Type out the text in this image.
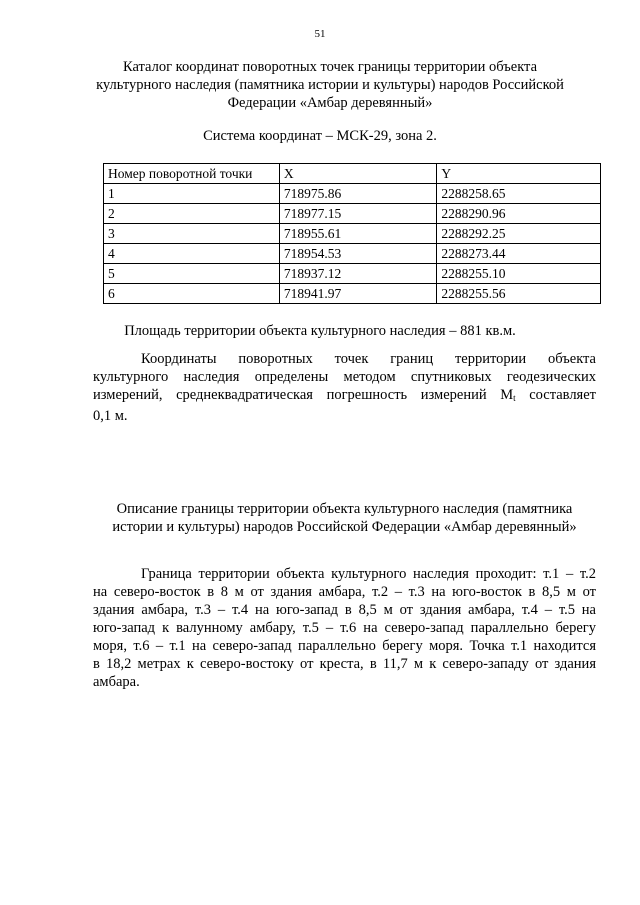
51
Каталог координат поворотных точек границы территории объекта
культурного наследия (памятника истории и культуры) народов Российской
Федерации «Амбар деревянный»
Система координат – МСК-29, зона 2.
Номер поворотной точки	X	Y
1	718975.86	2288258.65
2	718977.15	2288290.96
3	718955.61	2288292.25
4	718954.53	2288273.44
5	718937.12	2288255.10
6	718941.97	2288255.56
Площадь территории объекта культурного наследия – 881 кв.м.
Координаты поворотных точек границ территории объекта
культурного наследия определены методом спутниковых геодезических
измерений, среднеквадратическая погрешность измерений $M_t$ составляет
0,1 м.
Описание границы территории объекта культурного наследия (памятника
истории и культуры) народов Российской Федерации «Амбар деревянный»
Граница территории объекта культурного наследия проходит: т.1 – т.2
на северо-восток в 8 м от здания амбара, т.2 – т.3 на юго-восток в 8,5 м от
здания амбара, т.3 – т.4 на юго-запад в 8,5 м от здания амбара, т.4 – т.5 на
юго-запад к валунному амбару, т.5 – т.6 на северо-запад параллельно берегу
моря, т.6 – т.1 на северо-запад параллельно берегу моря. Точка т.1 находится
в 18,2 метрах к северо-востоку от креста, в 11,7 м к северо-западу от здания
амбара.
